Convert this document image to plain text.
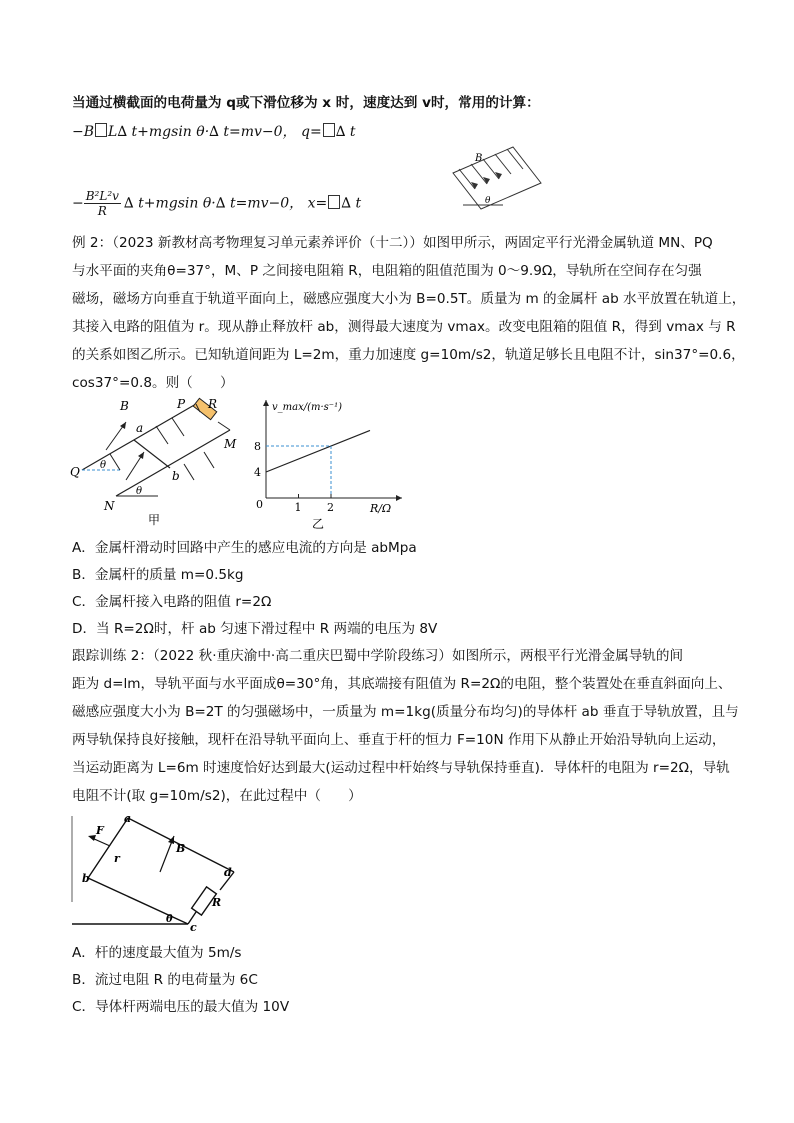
当通过横截面的电荷量为 q或下滑位移为 x 时，速度达到 v时，常用的计算：
−B L∆ t+mgsin θ·∆ t=mv−0， q= ∆ t
− $\frac{\text{B²L²v}}{R}$ ∆ t+mgsin θ·∆ t=mv−0， x= ∆ t
B
θ
例 2：（2023 新教材高考物理复习单元素养评价（十二））如图甲所示，两固定平行光滑金属轨道 MN、PQ
与水平面的夹角θ=37°，M、P 之间接电阻箱 R，电阻箱的阻值范围为 0～9.9Ω，导轨所在空间存在匀强
磁场，磁场方向垂直于轨道平面向上，磁感应强度大小为 B=0.5T。质量为 m 的金属杆 ab 水平放置在轨道上，
其接入电路的阻值为 r。现从静止释放杆 ab，测得最大速度为 vmax。改变电阻箱的阻值 R，得到 vmax 与 R
的关系如图乙所示。已知轨道间距为 L=2m，重力加速度 g=10m/s2，轨道足够长且电阻不计，sin37°=0.6，
cos37°=0.8。则（　　）
B	P R
M
a
b
Q
N
θ
θ
甲
v_max/(m·s⁻¹)
R/Ω
0
乙
1 2
4
8
A．金属杆滑动时回路中产生的感应电流的方向是 abMpa
B．金属杆的质量 m=0.5kg
C．金属杆接入电路的阻值 r=2Ω
D．当 R=2Ω时，杆 ab 匀速下滑过程中 R 两端的电压为 8V
跟踪训练 2：（2022 秋·重庆渝中·高二重庆巴蜀中学阶段练习）如图所示，两根平行光滑金属导轨的间
距为 d=lm，导轨平面与水平面成θ=30°角，其底端接有阻值为 R=2Ω的电阻，整个装置处在垂直斜面向上、
磁感应强度大小为 B=2T 的匀强磁场中，一质量为 m=1kg(质量分布均匀)的导体杆 ab 垂直于导轨放置，且与
两导轨保持良好接触，现杆在沿导轨平面向上、垂直于杆的恒力 F=10N 作用下从静止开始沿导轨向上运动，
当运动距离为 L=6m 时速度恰好达到最大(运动过程中杆始终与导轨保持垂直)．导体杆的电阻为 r=2Ω，导轨
电阻不计(取 g=10m/s2)，在此过程中（　　）
F
a
B
r
b	d
R
θ
c
A．杆的速度最大值为 5m/s
B．流过电阻 R 的电荷量为 6C
C．导体杆两端电压的最大值为 10V
